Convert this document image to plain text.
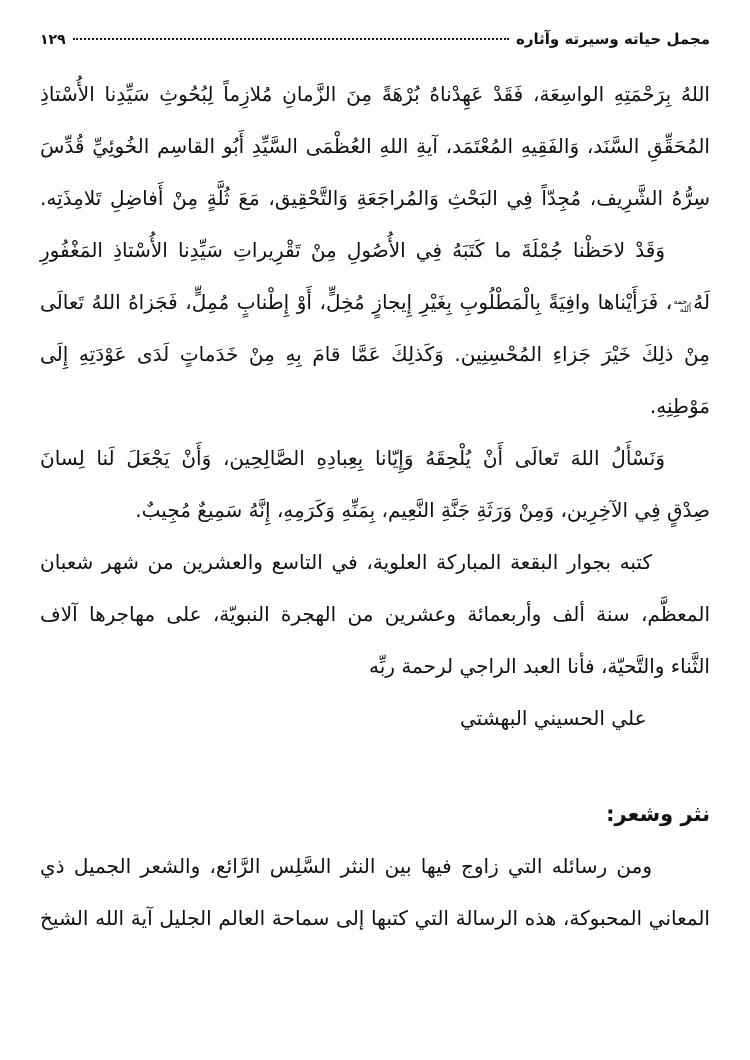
مجمل حياته وسيرته وآثاره
١٢٩
اللهُ بِرَحْمَتِهِ الواسِعَة، فَقَدْ عَهِدْناهُ بُرْهَةً مِنَ الزَّمانِ مُلازِماً لِبُحُوثِ سَيِّدِنا الأُسْتاذِ
المُحَقِّقِ السَّنَد، وَالفَقِيهِ المُعْتَمَد، آيةِ اللهِ العُظْمَى السَّيِّدِ أَبُو القاسِم الخُوئِيِّ قُدِّسَ
سِرُّهُ الشَّرِيف، مُجِدّاً فِي البَحْثِ وَالمُراجَعَةِ وَالتَّحْقِيق، مَعَ ثُلَّةٍ مِنْ أَفاضِلِ تَلامِذَتِه.
وَقَدْ لاحَظْنا جُمْلَةَ ما كَتَبَهُ فِي الأُصُولِ مِنْ تَقْرِيراتِ سَيِّدِنا الأُسْتاذِ المَغْفُورِ
لَهُرحمه الله، فَرَأَيْناها وافِيَةً بِالْمَطْلُوبِ بِغَيْرِ إِيجازٍ مُخِلٍّ، أَوْ إِطْنابٍ مُمِلٍّ، فَجَزاهُ اللهُ تَعالَى
مِنْ ذلِكَ خَيْرَ جَزاءِ المُحْسِنِين. وَكَذلِكَ عَمَّا قامَ بِهِ مِنْ خَدَماتٍ لَدَى عَوْدَتِهِ إِلَى
مَوْطِنِهِ.
وَنَسْأَلُ اللهَ تَعالَى أَنْ يُلْحِقَهُ وَإِيّانا بِعِبادِهِ الصَّالِحِين، وَأَنْ يَجْعَلَ لَنا لِسانَ
صِدْقٍ فِي الآخِرِين، وَمِنْ وَرَثَةِ جَنَّةِ النَّعِيم، بِمَنِّهِ وَكَرَمِهِ، إِنَّهُ سَمِيعٌ مُجِيبٌ.
كتبه بجوار البقعة المباركة العلوية، في التاسع والعشرين من شهر شعبان
المعظَّم، سنة ألف وأربعمائة وعشرين من الهجرة النبويّة، على مهاجرها آلاف
الثَّناء والتَّحيّة، فأنا العبد الراجي لرحمة ربِّه
علي الحسيني البهشتي
نثر وشعر:
ومن رسائله التي زاوج فيها بين النثر السَّلِس الرَّائع، والشعر الجميل ذي
المعاني المحبوكة، هذه الرسالة التي كتبها إلى سماحة العالم الجليل آية الله الشيخ
